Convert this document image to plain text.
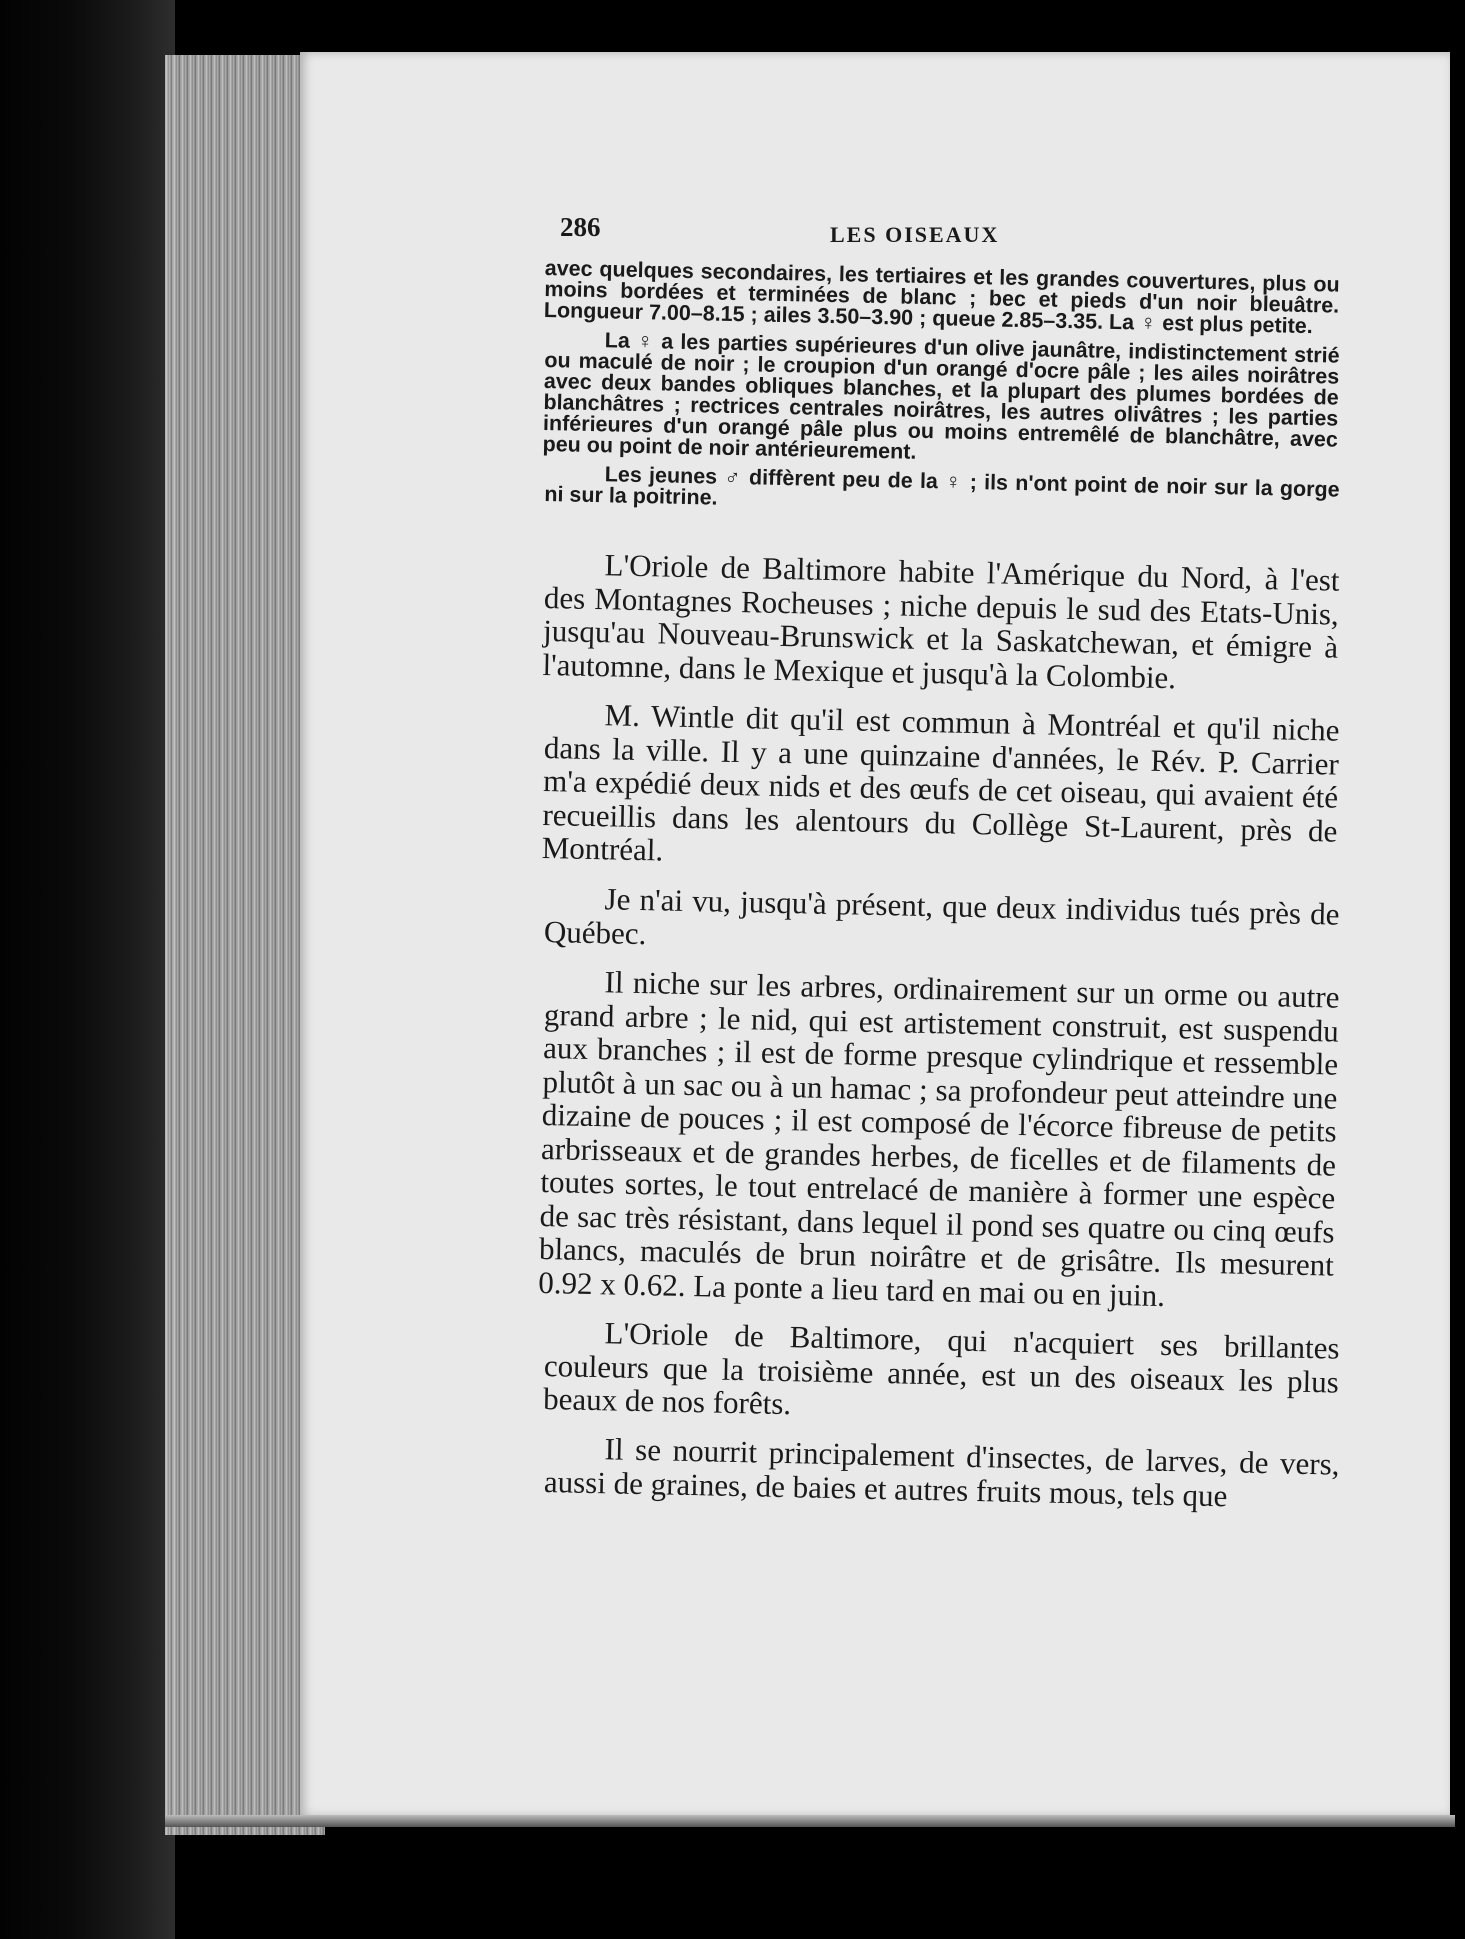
286	LES OISEAUX

avec quelques secondaires, les tertiaires et les grandes couvertures, plus ou moins bordées et terminées de blanc ; bec et pieds d'un noir bleuâtre. Longueur 7.00–8.15 ; ailes 3.50–3.90 ; queue 2.85–3.35. La ♀ est plus petite.

La ♀ a les parties supérieures d'un olive jaunâtre, indistinctement strié ou maculé de noir ; le croupion d'un orangé d'ocre pâle ; les ailes noirâtres avec deux bandes obliques blanches, et la plupart des plumes bordées de blanchâtres ; rectrices centrales noirâtres, les autres olivâtres ; les parties inférieures d'un orangé pâle plus ou moins entremêlé de blanchâtre, avec peu ou point de noir antérieurement.

Les jeunes ♂ diffèrent peu de la ♀ ; ils n'ont point de noir sur la gorge ni sur la poitrine.

L'Oriole de Baltimore habite l'Amérique du Nord, à l'est des Montagnes Rocheuses ; niche depuis le sud des Etats-Unis, jusqu'au Nouveau-Brunswick et la Saskatchewan, et émigre à l'automne, dans le Mexique et jusqu'à la Colombie.

M. Wintle dit qu'il est commun à Montréal et qu'il niche dans la ville. Il y a une quinzaine d'années, le Rév. P. Carrier m'a expédié deux nids et des œufs de cet oiseau, qui avaient été recueillis dans les alentours du Collège St-Laurent, près de Montréal.

Je n'ai vu, jusqu'à présent, que deux individus tués près de Québec.

Il niche sur les arbres, ordinairement sur un orme ou autre grand arbre ; le nid, qui est artistement construit, est suspendu aux branches ; il est de forme presque cylindrique et ressemble plutôt à un sac ou à un hamac ; sa profondeur peut atteindre une dizaine de pouces ; il est composé de l'écorce fibreuse de petits arbrisseaux et de grandes herbes, de ficelles et de filaments de toutes sortes, le tout entrelacé de manière à former une espèce de sac très résistant, dans lequel il pond ses quatre ou cinq œufs blancs, maculés de brun noirâtre et de grisâtre. Ils mesurent 0.92 x 0.62. La ponte a lieu tard en mai ou en juin.

L'Oriole de Baltimore, qui n'acquiert ses brillantes couleurs que la troisième année, est un des oiseaux les plus beaux de nos forêts.

Il se nourrit principalement d'insectes, de larves, de vers, aussi de graines, de baies et autres fruits mous, tels que
